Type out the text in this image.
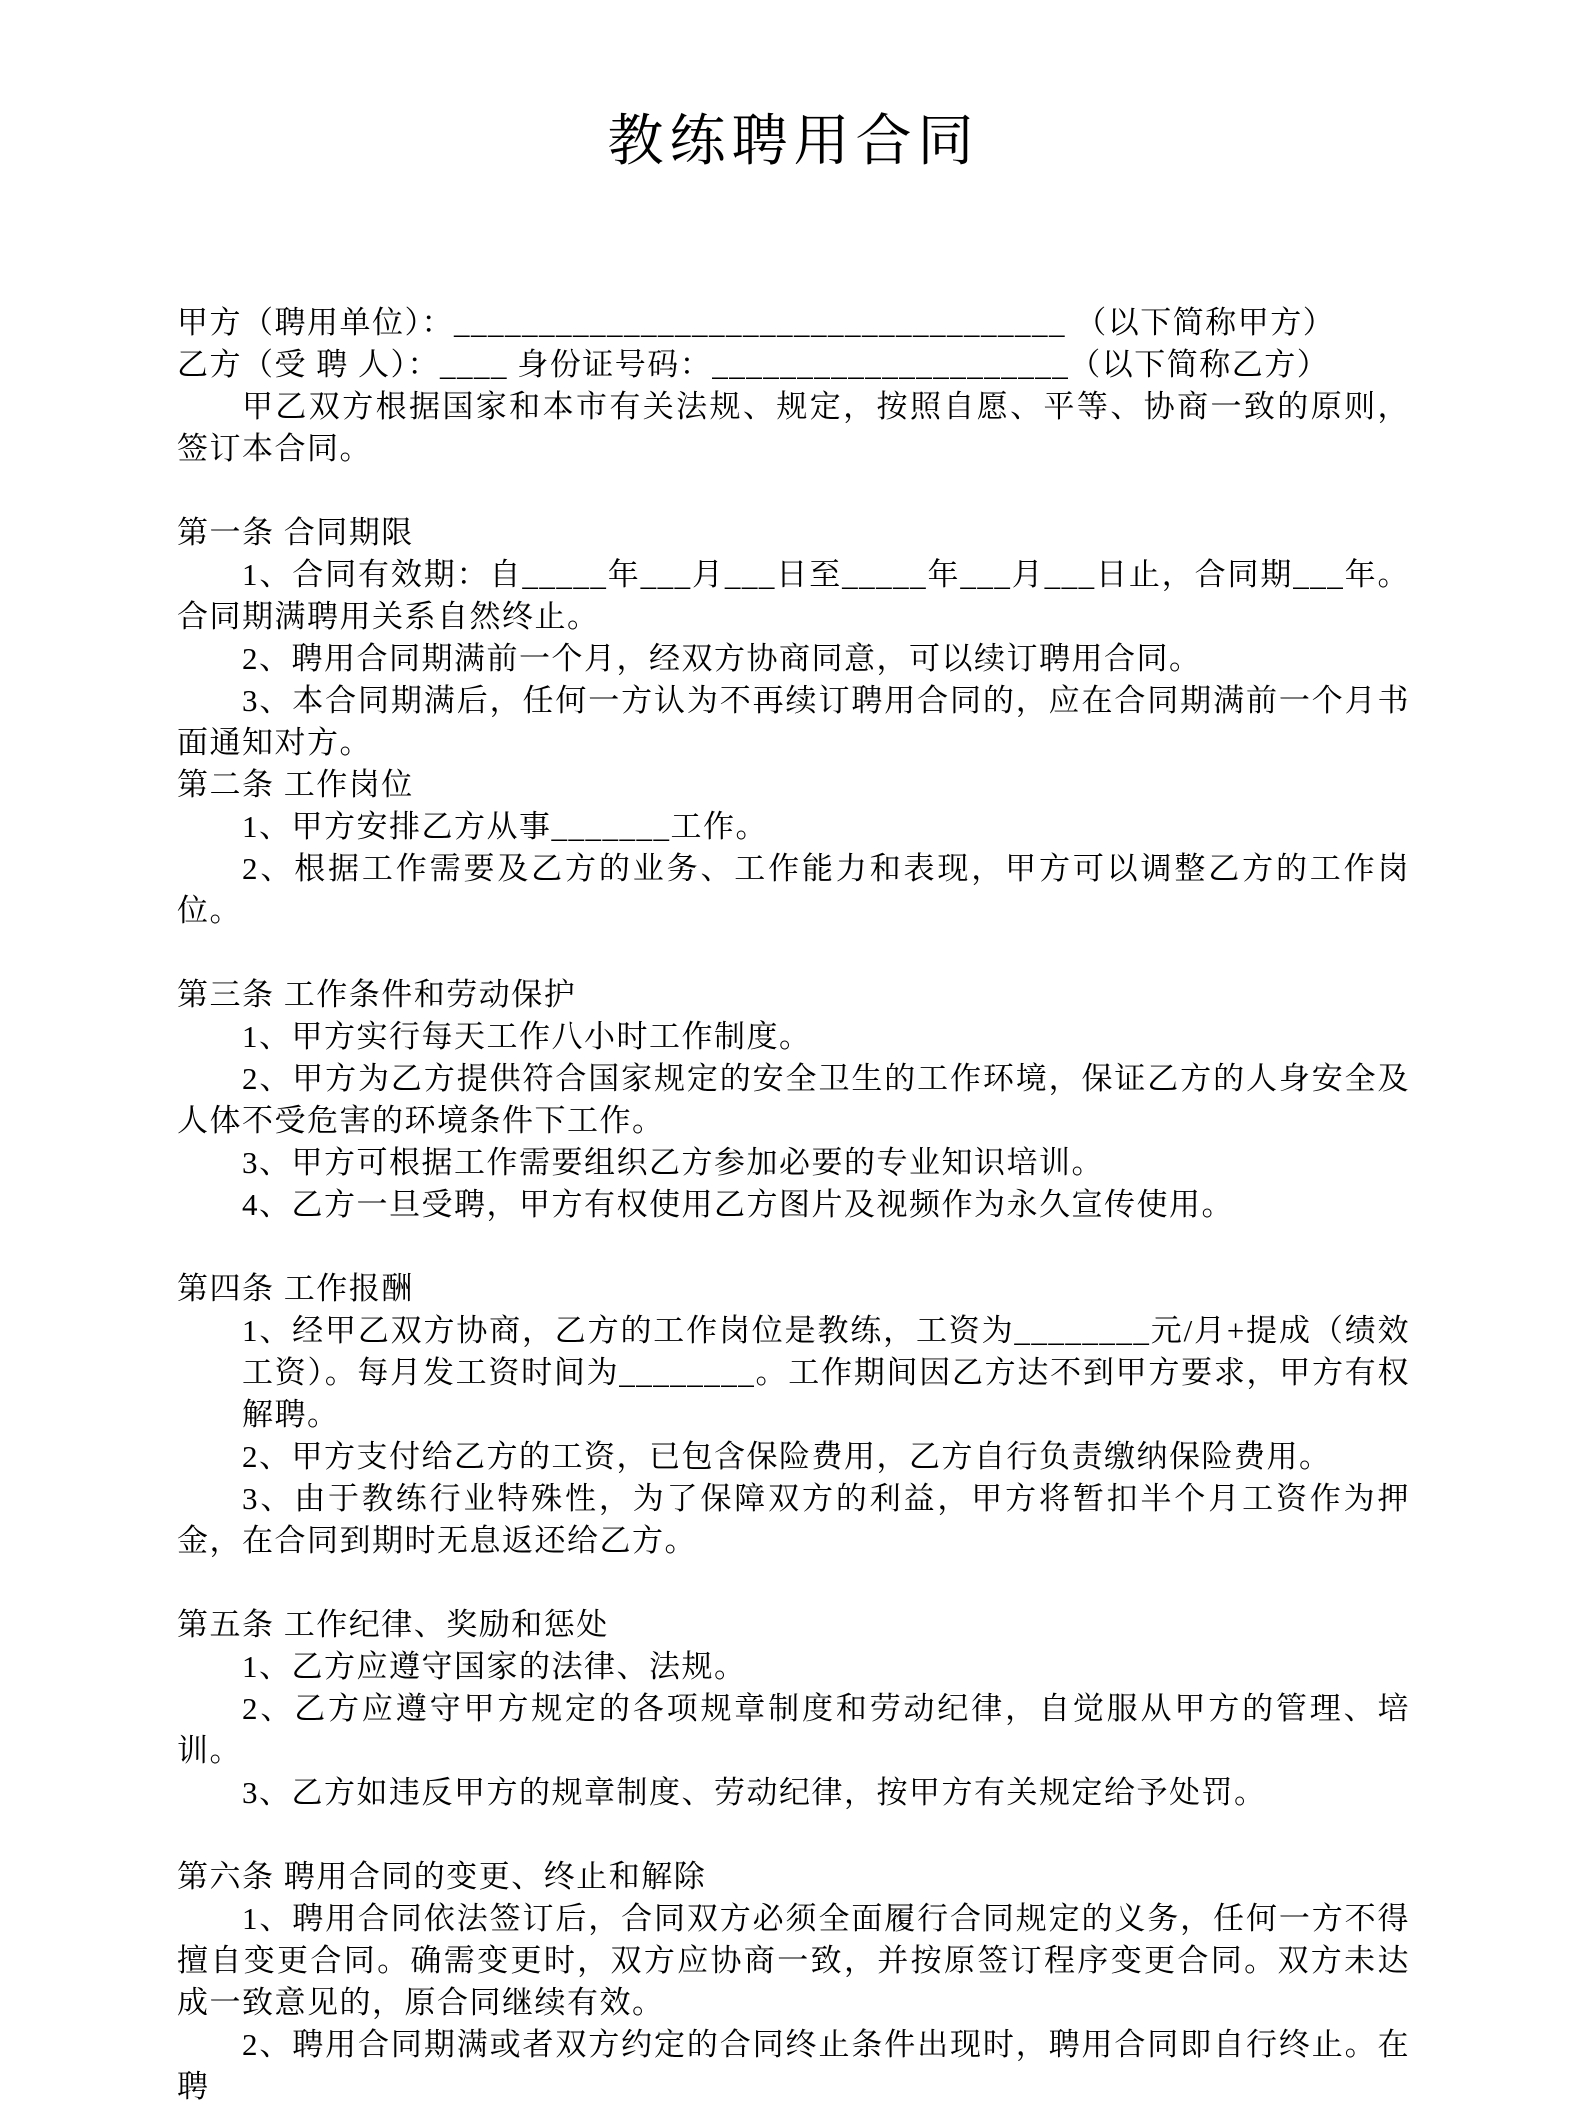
教练聘用合同

甲方（聘用单位）：____________________________________ （以下简称甲方）

乙方（受 聘 人）：____ 身份证号码：_____________________（以下简称乙方）

甲乙双方根据国家和本市有关法规、规定，按照自愿、平等、协商一致的原则，签订本合同。

第一条 合同期限

1、合同有效期：自_____年___月___日至_____年___月___日止，合同期___年。合同期满聘用关系自然终止。

2、聘用合同期满前一个月，经双方协商同意，可以续订聘用合同。

3、本合同期满后，任何一方认为不再续订聘用合同的，应在合同期满前一个月书面通知对方。

第二条 工作岗位

1、甲方安排乙方从事_______工作。

2、根据工作需要及乙方的业务、工作能力和表现，甲方可以调整乙方的工作岗位。

第三条 工作条件和劳动保护

1、甲方实行每天工作八小时工作制度。

2、甲方为乙方提供符合国家规定的安全卫生的工作环境，保证乙方的人身安全及人体不受危害的环境条件下工作。

3、甲方可根据工作需要组织乙方参加必要的专业知识培训。

4、乙方一旦受聘，甲方有权使用乙方图片及视频作为永久宣传使用。

第四条 工作报酬

1、经甲乙双方协商，乙方的工作岗位是教练，工资为________元/月+提成（绩效工资）。每月发工资时间为________。工作期间因乙方达不到甲方要求，甲方有权解聘。

2、甲方支付给乙方的工资，已包含保险费用，乙方自行负责缴纳保险费用。

3、由于教练行业特殊性，为了保障双方的利益，甲方将暂扣半个月工资作为押金，在合同到期时无息返还给乙方。

第五条 工作纪律、奖励和惩处

1、乙方应遵守国家的法律、法规。

2、乙方应遵守甲方规定的各项规章制度和劳动纪律，自觉服从甲方的管理、培训。

3、乙方如违反甲方的规章制度、劳动纪律，按甲方有关规定给予处罚。

第六条 聘用合同的变更、终止和解除

1、聘用合同依法签订后，合同双方必须全面履行合同规定的义务，任何一方不得擅自变更合同。确需变更时，双方应协商一致，并按原签订程序变更合同。双方未达成一致意见的，原合同继续有效。

2、聘用合同期满或者双方约定的合同终止条件出现时，聘用合同即自行终止。在聘
